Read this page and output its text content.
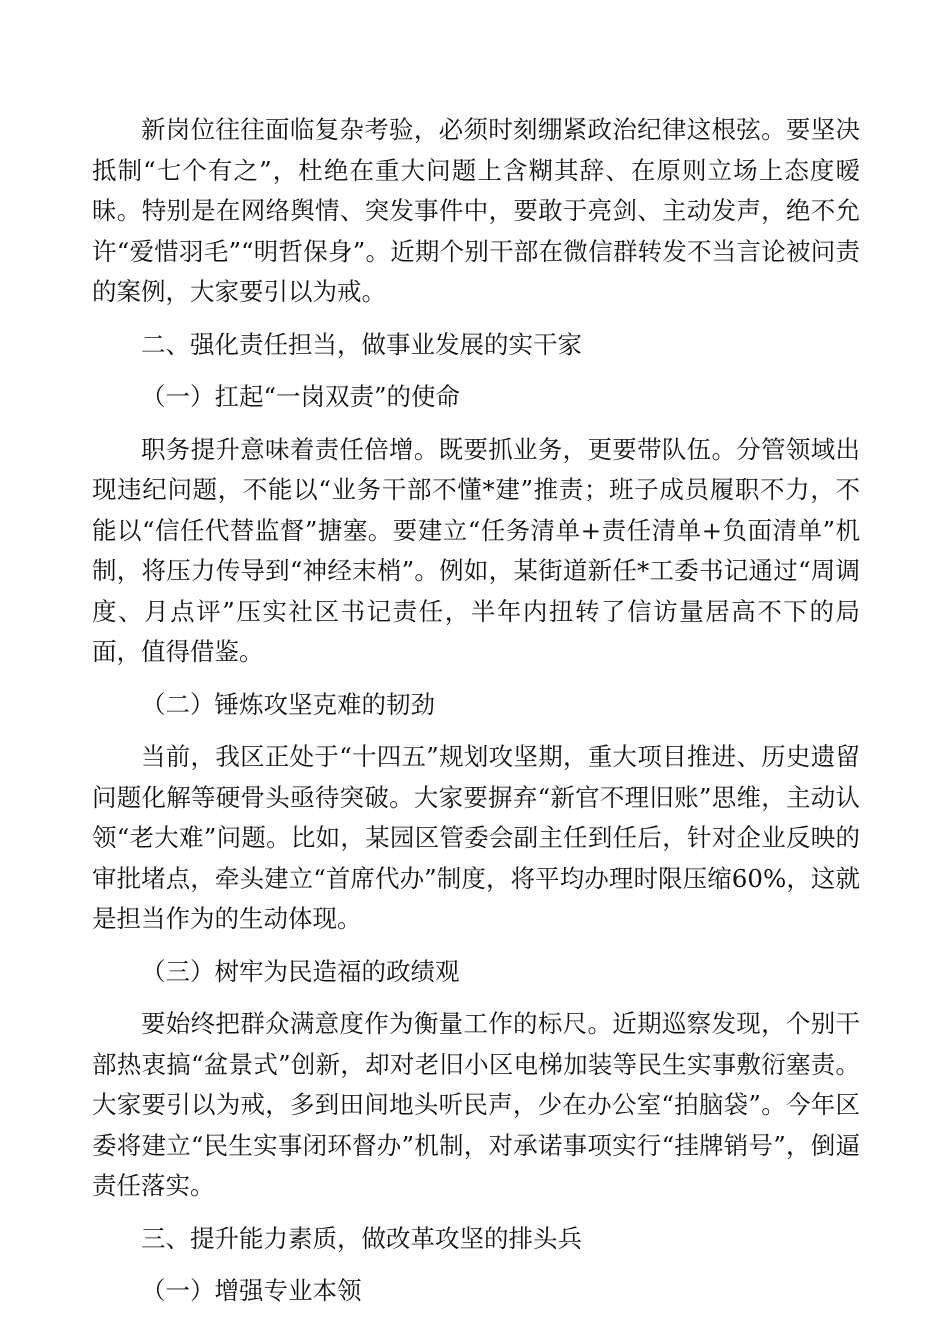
新岗位往往面临复杂考验，必须时刻绷紧政治纪律这根弦。要坚决抵制“七个有之”，杜绝在重大问题上含糊其辞、在原则立场上态度暧昧。特别是在网络舆情、突发事件中，要敢于亮剑、主动发声，绝不允许“爱惜羽毛”“明哲保身”。近期个别干部在微信群转发不当言论被问责的案例，大家要引以为戒。

二、强化责任担当，做事业发展的实干家

（一）扛起“一岗双责”的使命

职务提升意味着责任倍增。既要抓业务，更要带队伍。分管领域出现违纪问题，不能以“业务干部不懂*建”推责；班子成员履职不力，不能以“信任代替监督”搪塞。要建立“任务清单+责任清单+负面清单”机制，将压力传导到“神经末梢”。例如，某街道新任*工委书记通过“周调度、月点评”压实社区书记责任，半年内扭转了信访量居高不下的局面，值得借鉴。

（二）锤炼攻坚克难的韧劲

当前，我区正处于“十四五”规划攻坚期，重大项目推进、历史遗留问题化解等硬骨头亟待突破。大家要摒弃“新官不理旧账”思维，主动认领“老大难”问题。比如，某园区管委会副主任到任后，针对企业反映的审批堵点，牵头建立“首席代办”制度，将平均办理时限压缩60%，这就是担当作为的生动体现。

（三）树牢为民造福的政绩观

要始终把群众满意度作为衡量工作的标尺。近期巡察发现，个别干部热衷搞“盆景式”创新，却对老旧小区电梯加装等民生实事敷衍塞责。大家要引以为戒，多到田间地头听民声，少在办公室“拍脑袋”。今年区委将建立“民生实事闭环督办”机制，对承诺事项实行“挂牌销号”，倒逼责任落实。

三、提升能力素质，做改革攻坚的排头兵

（一）增强专业本领
